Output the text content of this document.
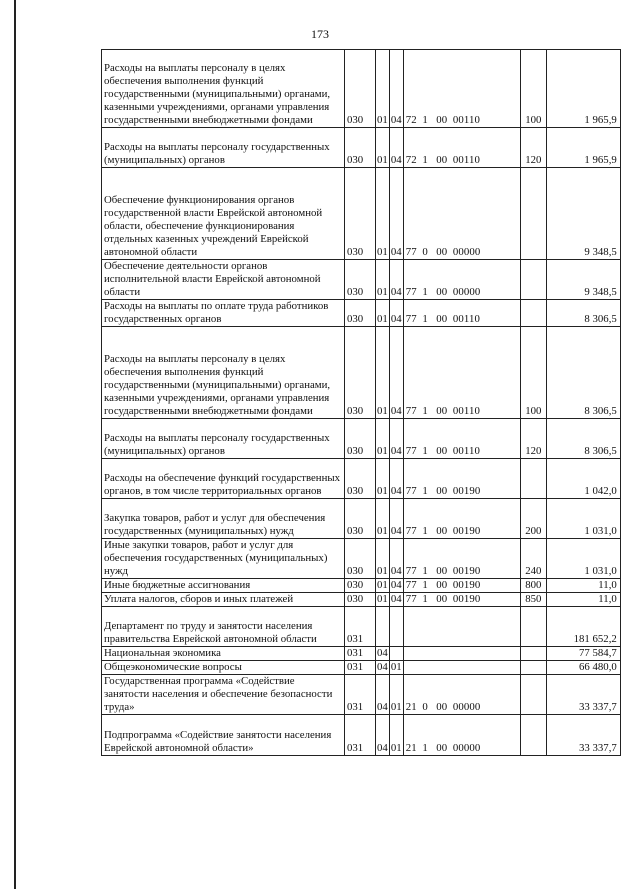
173
Расходы на выплаты персоналу в целях обеспечения выполнения функций государственными (муниципальными) органами, казенными учреждениями, органами управления государственными внебюджетными фондами	030	01	04	72  1   00  00110	100	1 965,9
Расходы на выплаты персоналу государственных (муниципальных) органов	030	01	04	72  1   00  00110	120	1 965,9
Обеспечение функционирования органов государственной власти Еврейской автономной области, обеспечение функционирования отдельных казенных учреждений Еврейской автономной области	030	01	04	77  0   00  00000		9 348,5
Обеспечение деятельности органов исполнительной власти Еврейской автономной области	030	01	04	77  1   00  00000		9 348,5
Расходы на выплаты по оплате труда работников государственных органов	030	01	04	77  1   00  00110		8 306,5
Расходы на выплаты персоналу в целях обеспечения выполнения функций государственными (муниципальными) органами, казенными учреждениями, органами управления государственными внебюджетными фондами	030	01	04	77  1   00  00110	100	8 306,5
Расходы на выплаты персоналу государственных (муниципальных) органов	030	01	04	77  1   00  00110	120	8 306,5
Расходы на обеспечение функций государственных органов, в том числе территориальных органов	030	01	04	77  1   00  00190		1 042,0
Закупка товаров, работ и услуг для обеспечения государственных (муниципальных) нужд	030	01	04	77  1   00  00190	200	1 031,0
Иные закупки товаров, работ и услуг для обеспечения государственных (муниципальных) нужд	030	01	04	77  1   00  00190	240	1 031,0
Иные бюджетные ассигнования	030	01	04	77  1   00  00190	800	11,0
Уплата налогов, сборов и иных платежей	030	01	04	77  1   00  00190	850	11,0
Департамент по труду и занятости населения правительства Еврейской автономной области	031					181 652,2
Национальная экономика	031	04				77 584,7
Общеэкономические вопросы	031	04	01			66 480,0
Государственная программа «Содействие занятости населения и обеспечение безопасности труда»	031	04	01	21  0   00  00000		33 337,7
Подпрограмма «Содействие занятости населения Еврейской автономной области»	031	04	01	21  1   00  00000		33 337,7
